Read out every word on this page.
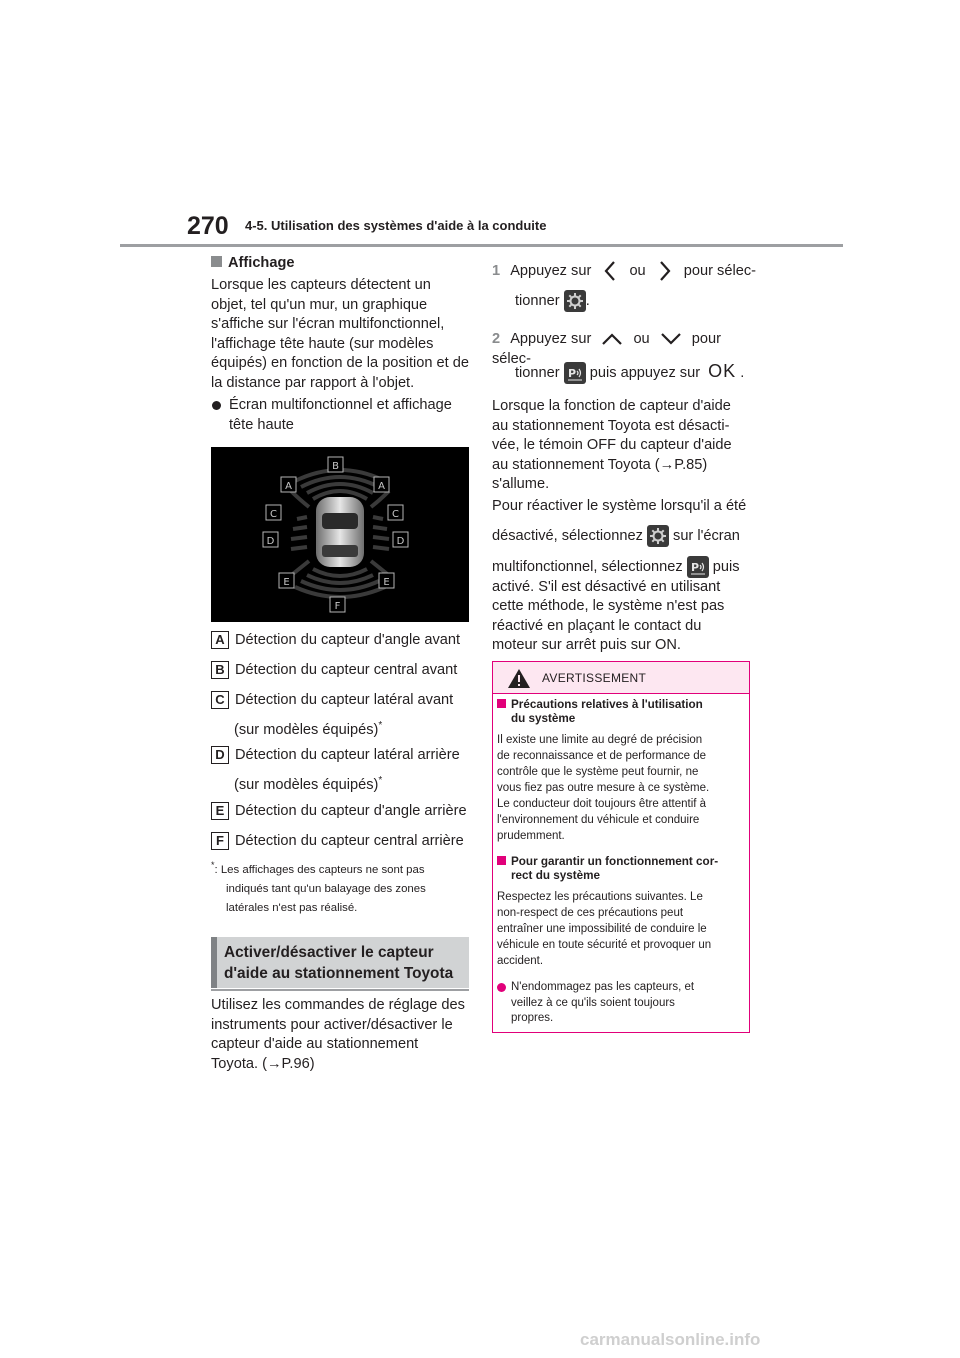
270 4-5. Utilisation des systèmes d'aide à la conduite
Affichage
Lorsque les capteurs détectent un
objet, tel qu'un mur, un graphique
s'affiche sur l'écran multifonctionnel,
l'affichage tête haute (sur modèles
équipés) en fonction de la position et de
la distance par rapport à l'objet.
Écran multifonctionnel et affichage
tête haute
A	A
B
C	C
D	D
E	E
F
A Détection du capteur d'angle avant
B Détection du capteur central avant
C Détection du capteur latéral avant
(sur modèles équipés)*
D Détection du capteur latéral arrière
(sur modèles équipés)*
E Détection du capteur d'angle arrière
F Détection du capteur central arrière
*: Les affichages des capteurs ne sont pas
indiqués tant qu'un balayage des zones
latérales n'est pas réalisé.
Activer/désactiver le capteur
d'aide au stationnement Toyota
Utilisez les commandes de réglage des
instruments pour activer/désactiver le
capteur d'aide au stationnement
Toyota. (→P.96)
1 Appuyez sur	ou	pour sélec-
tionner .
2 Appuyez sur	ou	pour sélec-
tionner P puis appuyez sur OK .
Lorsque la fonction de capteur d'aide
au stationnement Toyota est désacti-
vée, le témoin OFF du capteur d'aide
au stationnement Toyota (→P.85)
s'allume.
Pour réactiver le système lorsqu'il a été
désactivé, sélectionnez sur l'écran
multifonctionnel, sélectionnez P puis
activé. S'il est désactivé en utilisant
cette méthode, le système n'est pas
réactivé en plaçant le contact du
moteur sur arrêt puis sur ON.
AVERTISSEMENT
Précautions relatives à l'utilisation
du système
Il existe une limite au degré de précision
de reconnaissance et de performance de
contrôle que le système peut fournir, ne
vous fiez pas outre mesure à ce système.
Le conducteur doit toujours être attentif à
l'environnement du véhicule et conduire
prudemment.
Pour garantir un fonctionnement cor-
rect du système
Respectez les précautions suivantes. Le
non-respect de ces précautions peut
entraîner une impossibilité de conduire le
véhicule en toute sécurité et provoquer un
accident.
N'endommagez pas les capteurs, et
veillez à ce qu'ils soient toujours
propres.
carmanualsonline.info
